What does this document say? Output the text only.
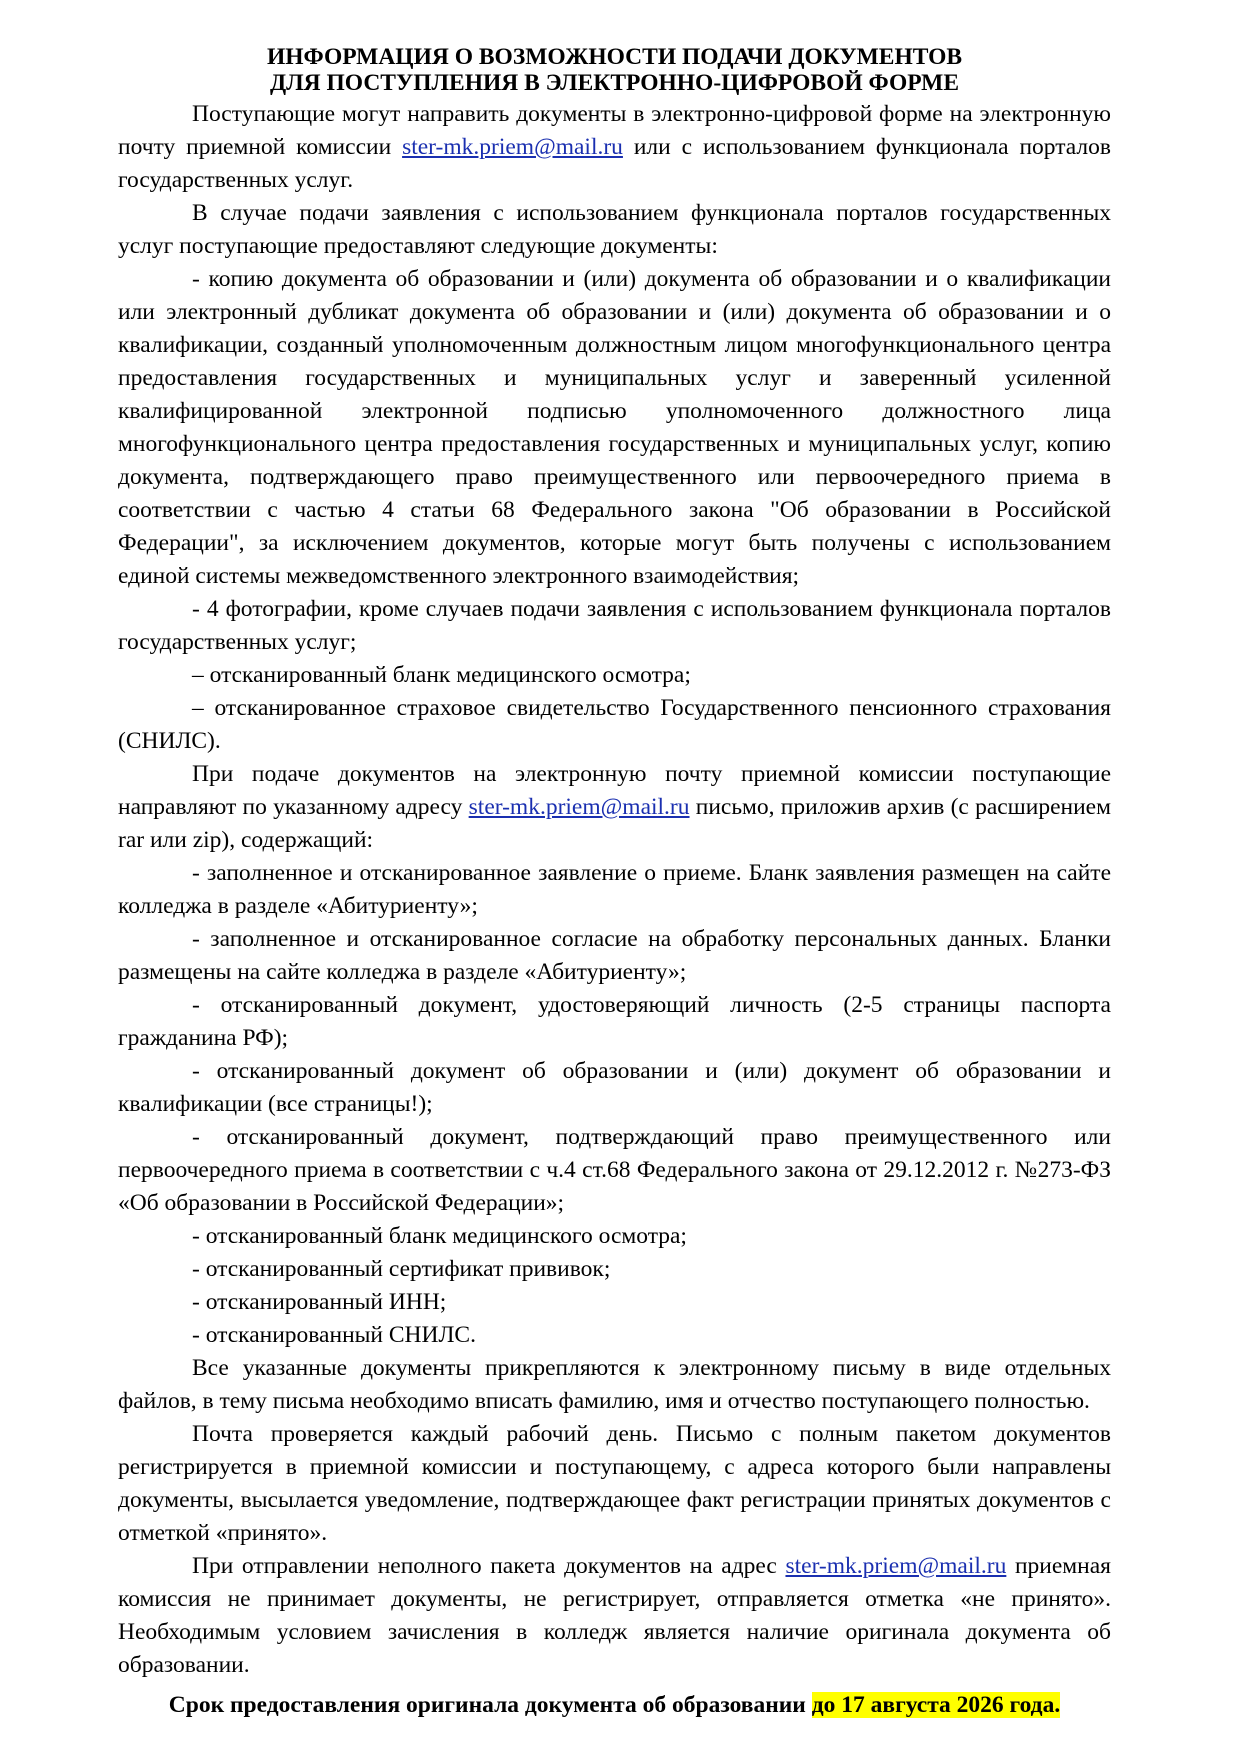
ИНФОРМАЦИЯ О ВОЗМОЖНОСТИ ПОДАЧИ ДОКУМЕНТОВ
ДЛЯ ПОСТУПЛЕНИЯ В ЭЛЕКТРОННО-ЦИФРОВОЙ ФОРМЕ

Поступающие могут направить документы в электронно-цифровой форме на электронную почту приемной комиссии ster-mk.priem@mail.ru или с использованием функционала порталов государственных услуг.

В случае подачи заявления с использованием функционала порталов государственных услуг поступающие предоставляют следующие документы:

- копию документа об образовании и (или) документа об образовании и о квалификации или электронный дубликат документа об образовании и (или) документа об образовании и о квалификации, созданный уполномоченным должностным лицом многофункционального центра предоставления государственных и муниципальных услуг и заверенный усиленной квалифицированной электронной подписью уполномоченного должностного лица многофункционального центра предоставления государственных и муниципальных услуг, копию документа, подтверждающего право преимущественного или первоочередного приема в соответствии с частью 4 статьи 68 Федерального закона "Об образовании в Российской Федерации", за исключением документов, которые могут быть получены с использованием единой системы межведомственного электронного взаимодействия;

- 4 фотографии, кроме случаев подачи заявления с использованием функционала порталов государственных услуг;

– отсканированный бланк медицинского осмотра;

– отсканированное страховое свидетельство Государственного пенсионного страхования (СНИЛС).

При подаче документов на электронную почту приемной комиссии поступающие направляют по указанному адресу ster-mk.priem@mail.ru письмо, приложив архив (с расширением rar или zip), содержащий:

- заполненное и отсканированное заявление о приеме. Бланк заявления размещен на сайте колледжа в разделе «Абитуриенту»;

- заполненное и отсканированное согласие на обработку персональных данных. Бланки размещены на сайте колледжа в разделе «Абитуриенту»;

- отсканированный документ, удостоверяющий личность (2-5 страницы паспорта гражданина РФ);

- отсканированный документ об образовании и (или) документ об образовании и квалификации (все страницы!);

- отсканированный документ, подтверждающий право преимущественного или первоочередного приема в соответствии с ч.4 ст.68 Федерального закона от 29.12.2012 г. №273-ФЗ «Об образовании в Российской Федерации»;

- отсканированный бланк медицинского осмотра;

- отсканированный сертификат прививок;

- отсканированный ИНН;

- отсканированный СНИЛС.

Все указанные документы прикрепляются к электронному письму в виде отдельных файлов, в тему письма необходимо вписать фамилию, имя и отчество поступающего полностью.

Почта проверяется каждый рабочий день. Письмо с полным пакетом документов регистрируется в приемной комиссии и поступающему, с адреса которого были направлены документы, высылается уведомление, подтверждающее факт регистрации принятых документов с отметкой «принято».

При отправлении неполного пакета документов на адрес ster-mk.priem@mail.ru приемная комиссия не принимает документы, не регистрирует, отправляется отметка «не принято». Необходимым условием зачисления в колледж является наличие оригинала документа об образовании.

Срок предоставления оригинала документа об образовании до 17 августа 2026 года.
